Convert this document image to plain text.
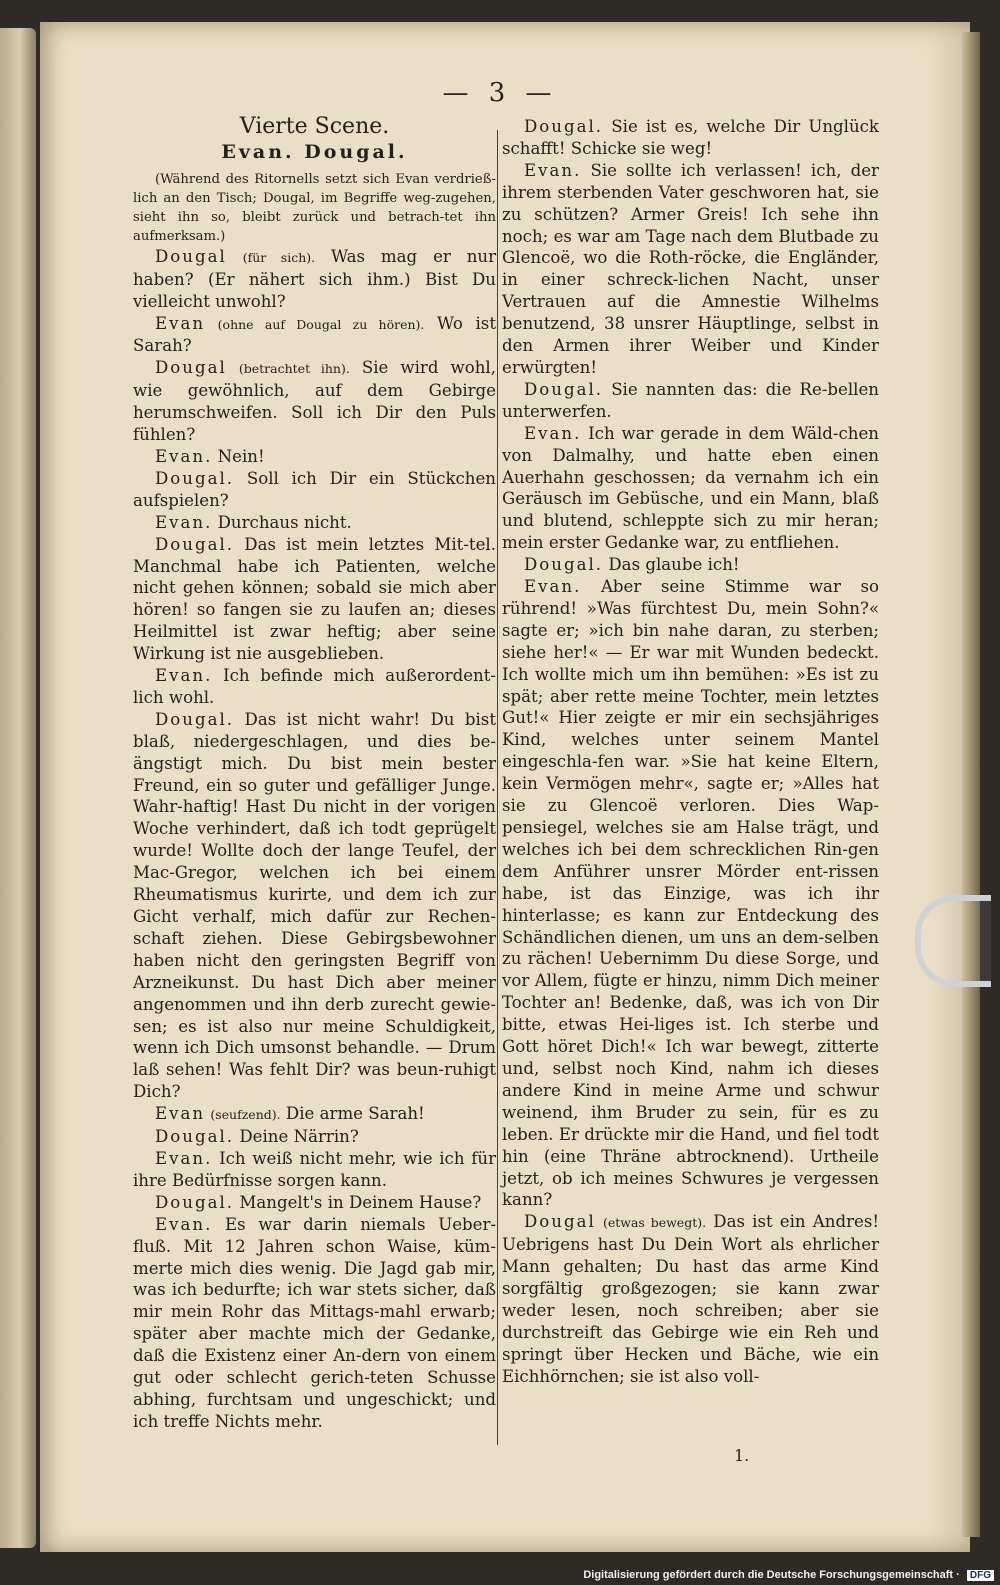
— 3 —
Vierte Scene.
Evan. Dougal.

(Während des Ritornells setzt sich Evan verdrieß-lich an den Tisch; Dougal, im Begriffe weg-zugehen, sieht ihn so, bleibt zurück und betrach-tet ihn aufmerksam.)

Dougal (für sich). Was mag er nur haben? (Er nähert sich ihm.) Bist Du vielleicht unwohl?

Evan (ohne auf Dougal zu hören). Wo ist Sarah?

Dougal (betrachtet ihn). Sie wird wohl, wie gewöhnlich, auf dem Gebirge herumschweifen. Soll ich Dir den Puls fühlen?

Evan. Nein!

Dougal. Soll ich Dir ein Stückchen aufspielen?

Evan. Durchaus nicht.

Dougal. Das ist mein letztes Mit-tel. Manchmal habe ich Patienten, welche nicht gehen können; sobald sie mich aber hören! so fangen sie zu laufen an; dieses Heilmittel ist zwar heftig; aber seine Wirkung ist nie ausgeblieben.

Evan. Ich befinde mich außerordent-lich wohl.

Dougal. Das ist nicht wahr! Du bist blaß, niedergeschlagen, und dies be-ängstigt mich. Du bist mein bester Freund, ein so guter und gefälliger Junge. Wahr-haftig! Hast Du nicht in der vorigen Woche verhindert, daß ich todt geprügelt wurde! Wollte doch der lange Teufel, der Mac-Gregor, welchen ich bei einem Rheumatismus kurirte, und dem ich zur Gicht verhalf, mich dafür zur Rechen-schaft ziehen. Diese Gebirgsbewohner haben nicht den geringsten Begriff von Arzneikunst. Du hast Dich aber meiner angenommen und ihn derb zurecht gewie-sen; es ist also nur meine Schuldigkeit, wenn ich Dich umsonst behandle. — Drum laß sehen! Was fehlt Dir? was beun-ruhigt Dich?

Evan (seufzend). Die arme Sarah!

Dougal. Deine Närrin?

Evan. Ich weiß nicht mehr, wie ich für ihre Bedürfnisse sorgen kann.

Dougal. Mangelt's in Deinem Hause?

Evan. Es war darin niemals Ueber-fluß. Mit 12 Jahren schon Waise, küm-merte mich dies wenig. Die Jagd gab mir, was ich bedurfte; ich war stets sicher, daß mir mein Rohr das Mittags-mahl erwarb; später aber machte mich der Gedanke, daß die Existenz einer An-dern von einem gut oder schlecht gerich-teten Schusse abhing, furchtsam und ungeschickt; und ich treffe Nichts mehr.

Dougal. Sie ist es, welche Dir Unglück schafft! Schicke sie weg!

Evan. Sie sollte ich verlassen! ich, der ihrem sterbenden Vater geschworen hat, sie zu schützen? Armer Greis! Ich sehe ihn noch; es war am Tage nach dem Blutbade zu Glencoë, wo die Roth-röcke, die Engländer, in einer schreck-lichen Nacht, unser Vertrauen auf die Amnestie Wilhelms benutzend, 38 unsrer Häuptlinge, selbst in den Armen ihrer Weiber und Kinder erwürgten!

Dougal. Sie nannten das: die Re-bellen unterwerfen.

Evan. Ich war gerade in dem Wäld-chen von Dalmalhy, und hatte eben einen Auerhahn geschossen; da vernahm ich ein Geräusch im Gebüsche, und ein Mann, blaß und blutend, schleppte sich zu mir heran; mein erster Gedanke war, zu entfliehen.

Dougal. Das glaube ich!

Evan. Aber seine Stimme war so rührend! »Was fürchtest Du, mein Sohn?« sagte er; »ich bin nahe daran, zu sterben; siehe her!« — Er war mit Wunden bedeckt. Ich wollte mich um ihn bemühen: »Es ist zu spät; aber rette meine Tochter, mein letztes Gut!« Hier zeigte er mir ein sechsjähriges Kind, welches unter seinem Mantel eingeschla-fen war. »Sie hat keine Eltern, kein Vermögen mehr«, sagte er; »Alles hat sie zu Glencoë verloren. Dies Wap-pensiegel, welches sie am Halse trägt, und welches ich bei dem schrecklichen Rin-gen dem Anführer unsrer Mörder ent-rissen habe, ist das Einzige, was ich ihr hinterlasse; es kann zur Entdeckung des Schändlichen dienen, um uns an dem-selben zu rächen! Uebernimm Du diese Sorge, und vor Allem, fügte er hinzu, nimm Dich meiner Tochter an! Bedenke, daß, was ich von Dir bitte, etwas Hei-liges ist. Ich sterbe und Gott höret Dich!« Ich war bewegt, zitterte und, selbst noch Kind, nahm ich dieses andere Kind in meine Arme und schwur weinend, ihm Bruder zu sein, für es zu leben. Er drückte mir die Hand, und fiel todt hin (eine Thräne abtrocknend). Urtheile jetzt, ob ich meines Schwures je vergessen kann?

Dougal (etwas bewegt). Das ist ein Andres! Uebrigens hast Du Dein Wort als ehrlicher Mann gehalten; Du hast das arme Kind sorgfältig großgezogen; sie kann zwar weder lesen, noch schreiben; aber sie durchstreift das Gebirge wie ein Reh und springt über Hecken und Bäche, wie ein Eichhörnchen; sie ist also voll-

1.
Digitalisierung gefördert durch die Deutsche Forschungsgemeinschaft · DFG
